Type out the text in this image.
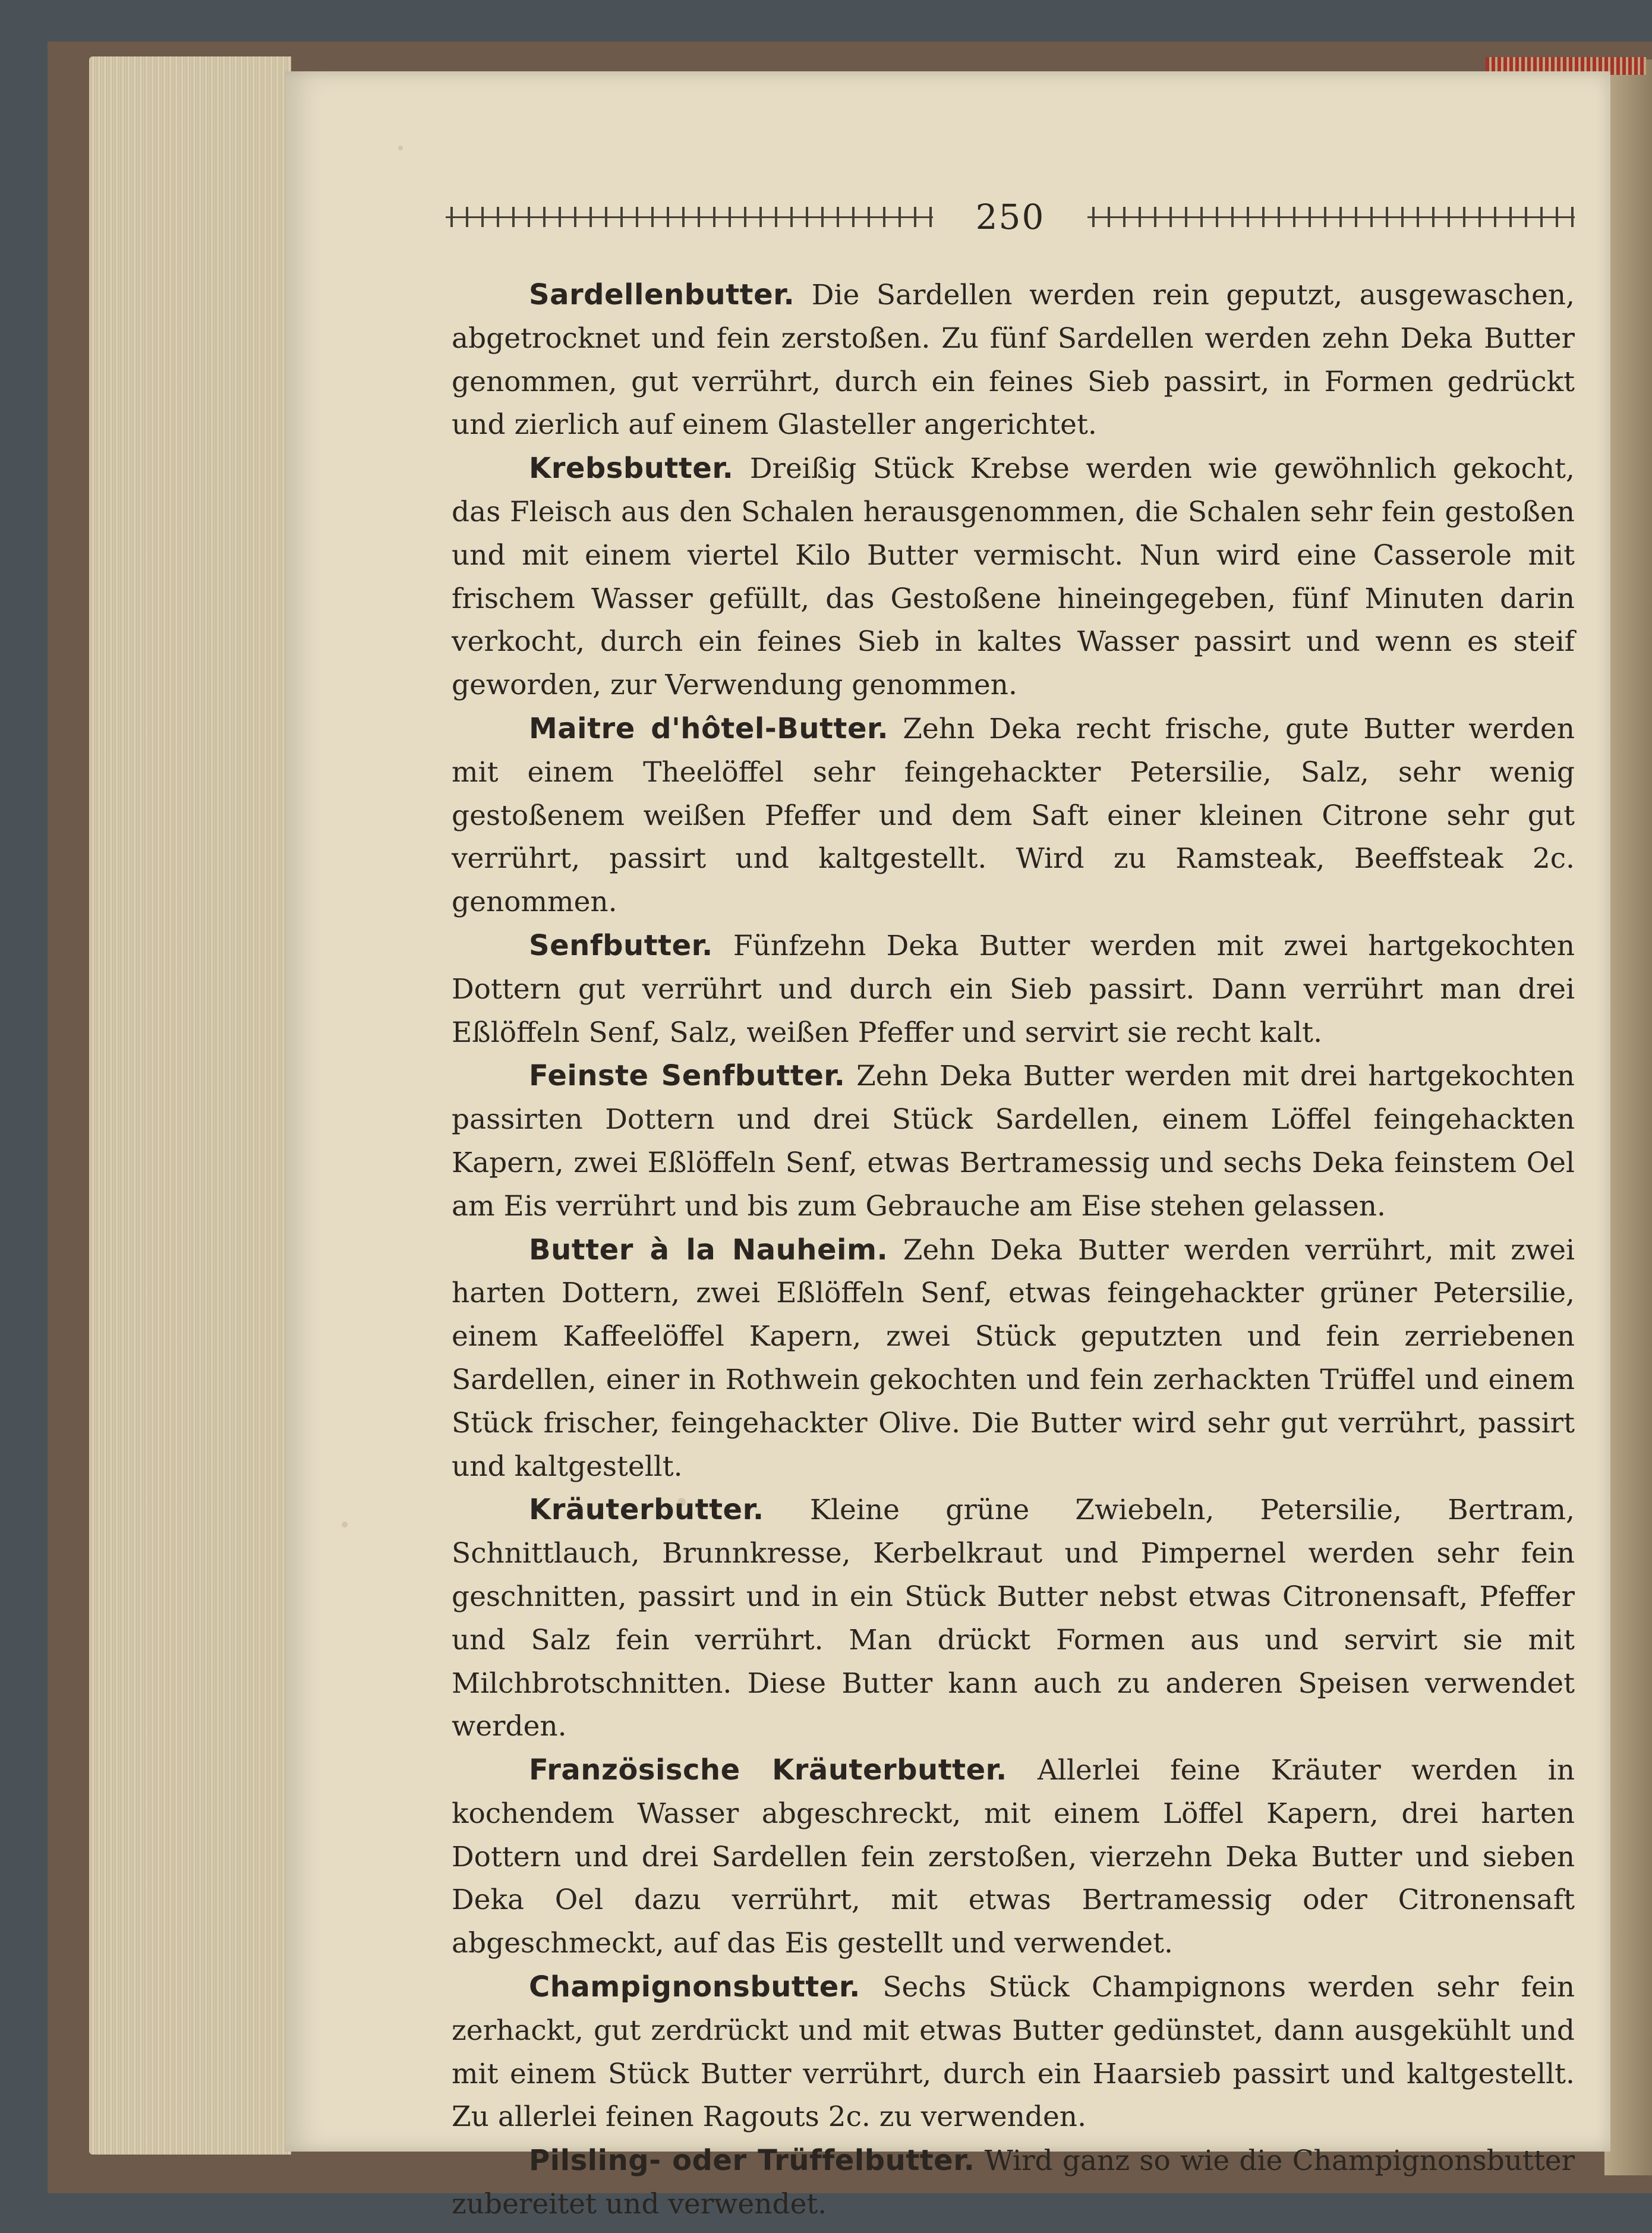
250

Sardellenbutter. Die Sardellen werden rein geputzt, ausgewaschen, abgetrocknet und fein zerstoßen. Zu fünf Sardellen werden zehn Deka Butter genommen, gut verrührt, durch ein feines Sieb passirt, in Formen gedrückt und zierlich auf einem Glasteller angerichtet.

Krebsbutter. Dreißig Stück Krebse werden wie gewöhnlich gekocht, das Fleisch aus den Schalen herausgenommen, die Schalen sehr fein gestoßen und mit einem viertel Kilo Butter vermischt. Nun wird eine Casserole mit frischem Wasser gefüllt, das Gestoßene hineingegeben, fünf Minuten darin verkocht, durch ein feines Sieb in kaltes Wasser passirt und wenn es steif geworden, zur Verwendung genommen.

Maitre d'hôtel-Butter. Zehn Deka recht frische, gute Butter werden mit einem Theelöffel sehr feingehackter Petersilie, Salz, sehr wenig gestoßenem weißen Pfeffer und dem Saft einer kleinen Citrone sehr gut verrührt, passirt und kaltgestellt. Wird zu Ramsteak, Beeffsteak 2c. genommen.

Senfbutter. Fünfzehn Deka Butter werden mit zwei hartgekochten Dottern gut verrührt und durch ein Sieb passirt. Dann verrührt man drei Eßlöffeln Senf, Salz, weißen Pfeffer und servirt sie recht kalt.

Feinste Senfbutter. Zehn Deka Butter werden mit drei hartgekochten passirten Dottern und drei Stück Sardellen, einem Löffel feingehackten Kapern, zwei Eßlöffeln Senf, etwas Bertramessig und sechs Deka feinstem Oel am Eis verrührt und bis zum Gebrauche am Eise stehen gelassen.

Butter à la Nauheim. Zehn Deka Butter werden verrührt, mit zwei harten Dottern, zwei Eßlöffeln Senf, etwas feingehackter grüner Petersilie, einem Kaffeelöffel Kapern, zwei Stück geputzten und fein zerriebenen Sardellen, einer in Rothwein gekochten und fein zerhackten Trüffel und einem Stück frischer, feingehackter Olive. Die Butter wird sehr gut verrührt, passirt und kaltgestellt.

Kräuterbutter. Kleine grüne Zwiebeln, Petersilie, Bertram, Schnittlauch, Brunnkresse, Kerbelkraut und Pimpernel werden sehr fein geschnitten, passirt und in ein Stück Butter nebst etwas Citronensaft, Pfeffer und Salz fein verrührt. Man drückt Formen aus und servirt sie mit Milchbrotschnitten. Diese Butter kann auch zu anderen Speisen verwendet werden.

Französische Kräuterbutter. Allerlei feine Kräuter werden in kochendem Wasser abgeschreckt, mit einem Löffel Kapern, drei harten Dottern und drei Sardellen fein zerstoßen, vierzehn Deka Butter und sieben Deka Oel dazu verrührt, mit etwas Bertramessig oder Citronensaft abgeschmeckt, auf das Eis gestellt und verwendet.

Champignonsbutter. Sechs Stück Champignons werden sehr fein zerhackt, gut zerdrückt und mit etwas Butter gedünstet, dann ausgekühlt und mit einem Stück Butter verrührt, durch ein Haarsieb passirt und kaltgestellt. Zu allerlei feinen Ragouts 2c. zu verwenden.

Pilsling- oder Trüffelbutter. Wird ganz so wie die Champignonsbutter zubereitet und verwendet.
